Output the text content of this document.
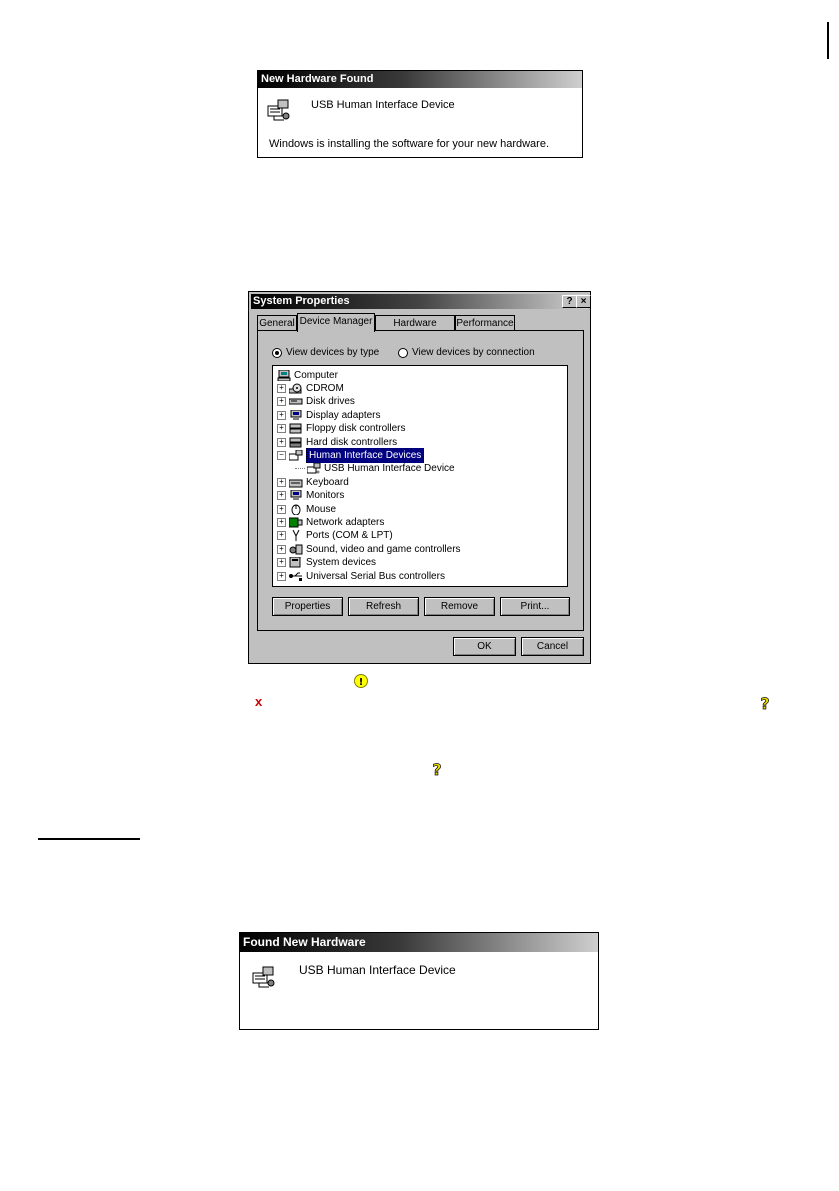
New Hardware Found
USB Human Interface Device
Windows is installing the software for your new hardware.
System Properties	? ×
General Device Manager	Hardware	Performance
View devices by type	View devices by connection
Computer
+ CDROM
+ Disk drives
+ Display adapters
+ Floppy disk controllers
+ Hard disk controllers
−	Human Interface Devices
USB Human Interface Device
+ Keyboard
+ Monitors
+ Mouse
+ Network adapters
+ Ports (COM & LPT)
+ Sound, video and game controllers
+ System devices
+ Universal Serial Bus controllers
Properties	Refresh	Remove	Print...
OK	Cancel
!
x	?
?
Found New Hardware
USB Human Interface Device
